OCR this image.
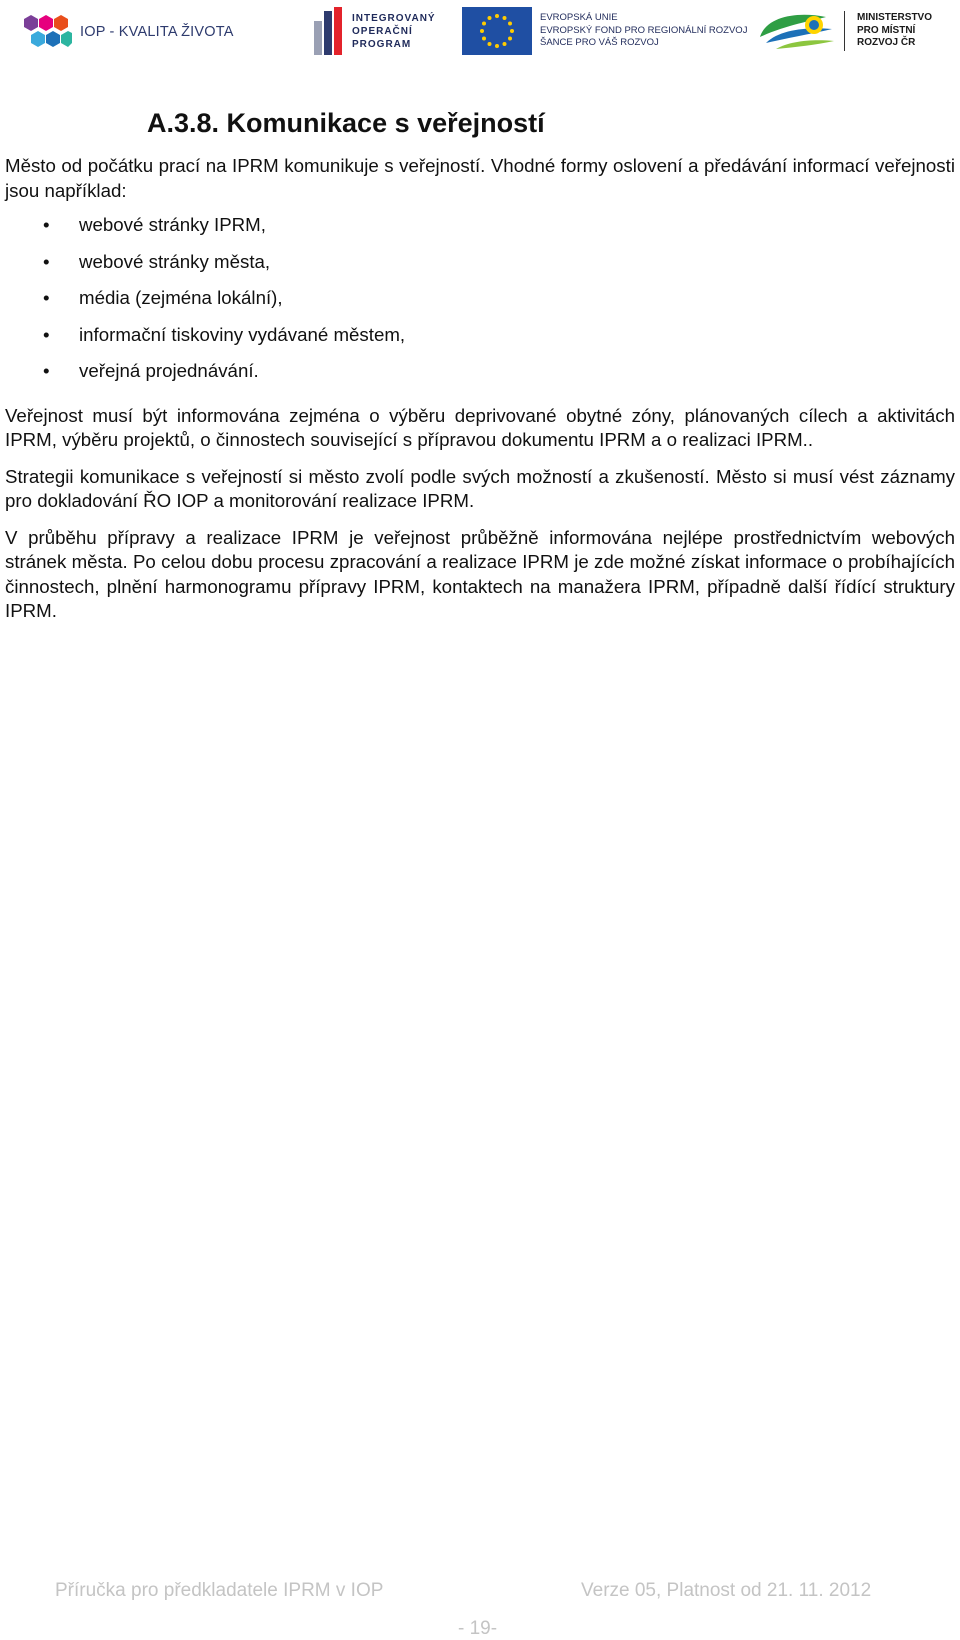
IOP - KVALITA ŽIVOTA
INTEGROVANÝ
OPERAČNÍ
PROGRAM
EVROPSKÁ UNIE
EVROPSKÝ FOND PRO REGIONÁLNÍ ROZVOJ
ŠANCE PRO VÁŠ ROZVOJ
MINISTERSTVO
PRO MÍSTNÍ
ROZVOJ ČR
A.3.8. Komunikace s veřejností

Město od počátku prací na IPRM komunikuje s veřejností. Vhodné formy oslovení a předávání informací veřejnosti jsou například:

• webové stránky IPRM,
• webové stránky města,
• média (zejména lokální),
• informační tiskoviny vydávané městem,
• veřejná projednávání.

Veřejnost musí být informována zejména o výběru deprivované obytné zóny, plánovaných cílech a aktivitách IPRM, výběru projektů, o činnostech související s přípravou dokumentu IPRM a o realizaci IPRM..

Strategii komunikace s veřejností si město zvolí podle svých možností a zkušeností. Město si musí vést záznamy pro dokladování ŘO IOP a monitorování realizace IPRM.

V průběhu přípravy a realizace IPRM je veřejnost průběžně informována nejlépe prostřednictvím webových stránek města. Po celou dobu procesu zpracování a realizace IPRM je zde možné získat informace o probíhajících činnostech, plnění harmonogramu přípravy IPRM, kontaktech na manažera IPRM, případně další řídící struktury IPRM.

Příručka pro předkladatele IPRM v IOP	Verze 05, Platnost od 21. 11. 2012
- 19-
